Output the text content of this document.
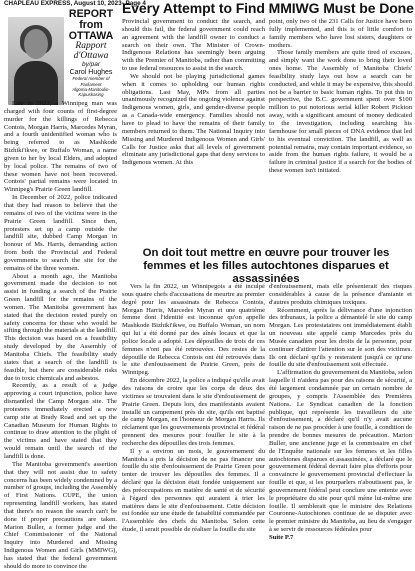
CHAPLEAU EXPRESS, August 10, 2023- Page 4
REPORT
from OTTAWA
Rapport
d'Ottawa
by/par
Carol Hughes
Federal member of Parliament
Algoma-Manitoulin-Kapuskasing

Late in 2022, a Winnipeg man was charged with four counts of first-degree murder for the killings of Rebecca Contois, Morgan Harris, Marcedes Myran, and a fourth unidentified woman who is being referred to as Mashkode Bizhiki'ikwe, or Buffalo Woman, a name given to her by local Elders, and adopted by local police. The remains of two of these women have not been recovered. Contois' partial remains were located in Winnipeg's Prairie Green landfill.

In December of 2022, police indicated that they had reason to believe that the remains of two of the victims were in the Prairie Green landfill. Since then, protesters set up a camp outside the landfill site, dubbed Camp Morgan in honour of Ms. Harris, demanding action from both the Provincial and Federal governments to search the site for the remains of the three women.

About a month ago, the Manitoba government made the decision to not assist in funding a search of the Prairie Green landfill for the remains of the women. The Manitoba government has stated that the decision rested purely on safety concerns for those who would be sifting through the materials at the landfill. This decision was based on a feasibility study developed by the Assembly of Manitoba Chiefs. The feasibility study states that a search of the landfill is feasible, but there are considerable risks due to toxic chemicals and asbestos.

Recently, as a result of a judge approving a court injunction, police have dismantled the Camp Morgan site. The protesters immediately erected a new camp site at Brady Road and set up the Canadian Museum for Human Rights to continue to draw attention to the plight of the victims and have stated that they would remain until the search of the landfill is done.

The Manitoba government's assertion that they will not assist due to safety concerns has been widely condemned by a number of groups, including the Assembly of First Nations. CUPE, the union representing landfill workers, has stated that there's no reason the search can't be done if proper precautions are taken. Marion Buller, a former judge and the Chief Commissioner of the National Inquiry into Murdered and Missing Indigenous Women and Girls (MMIWG), has stated that the federal government should do more to convince the

Every Attempt to Find MMIWG Must be Done

Provincial government to conduct the search, and should this fail, the federal government could reach an agreement with the landfill owner to conduct a search on their own. The Minister of Crown-Indigenous Relations has seemingly been arguing with the Premier of Manitoba, rather than committing to use federal resources to assist in the search.

We should not be playing jurisdictional games when it comes to upholding our human rights obligations. Last May, MPs from all parties unanimously recognized the ongoing violence against Indigenous women, girls, and gender-diverse people as a Canada-wide emergency. Families should not have to plead to have the remains of their family members returned to them. The National Inquiry into Missing and Murdered Indigenous Women and Girls' Calls for Justice asks that all levels of government eliminate any jurisdictional gaps that deny services to Indigenous women. At this

point, only two of the 231 Calls for Justice have been fully implemented, and this is of little comfort to family members who have lost sisters, daughters or mothers.

Those family members are quite tired of excuses, and simply want the work done to bring their loved ones home. The Assembly of Manitoba Chiefs' feasibility study lays out how a search can be conducted, and while it may be expensive, this should not be a barrier to basic human rights. To put this in perspective, the B.C. government spent over $100 million to put notorious serial killer Robert Pickton away, with a significant amount of money dedicated to the investigation, including searching his farmhouse for small pieces of DNA evidence that led to his eventual conviction. The landfill, as well as potential remains, may contain important evidence, so aside from the human rights failure, it would be a failure in criminal justice if a search for the bodies of these women isn't initiated.

On doit tout mettre en œuvre pour trouver les femmes et les filles autochtones disparues et assassinées

Vers la fin 2022, un Winnipegois a été inculpé sous quatre chefs d'accusations de meurtre au premier degré pour les assassinats de Rebecca Contois, Morgan Harris, Marcedes Myran et une quatrième femme dont l'identité est inconnue qu'on appelle Mashkode Bizhiki'ikwe, ou Buffalo Woman, un nom qui lui a été donné par des aînés locaux et que la police locale a adopté. Les dépouilles de trois de ces femmes n'ont pas été retrouvées. Des restes de la dépouille de Rebecca Contois ont été retrouvés dans le site d'enfouissement de Prairie Green, près de Winnipeg.

En décembre 2022, la police a indiqué qu'elle avait des raisons de croire que les corps de deux des victimes se trouvaient dans le site d'enfouissement de Prairie Green. Depuis lors, des manifestants avaient installé un campement près du site, qu'ils ont baptisé de camp Morgan, en l'honneur de Morgan Harris. Ils réclament que les gouvernements provincial et fédéral prennent des mesures pour fouiller le site à la recherche des dépouilles des trois femmes.

Il y a environ un mois, le gouvernement du Manitoba a pris la décision de ne pas financer une fouille du site d'enfouissement de Prairie Green pour tenter de trouver les dépouilles des femmes. Il a déclaré que la décision était fondée uniquement sur des préoccupations en matière de santé et de sécurité à l'égard des personnes qui auraient à trier les matières dans le site d'enfouissement. Cette décision est fondée sur une étude de faisabilité commandée par l'Assemblée des chefs du Manitoba. Selon cette étude, il serait possible de réaliser la fouille du site

d'enfouissement, mais elle présenterait des risques considérables à cause de la présence d'amiante et d'autres produits chimiques toxiques.

Récemment, après la délivrance d'une injonction des tribunaux, la police a démantelé le site du camp Morgan. Les protestataires ont immédiatement établi un nouveau site appelé camp Marcedes près du Musée canadien pour les droits de la personne, pour continuer d'attirer l'attention sur le sort des victimes. Ils ont déclaré qu'ils y resteraient jusqu'à ce qu'une fouille du site d'enfouissement soit effectuée.

L'affirmation du gouvernement du Manitoba, selon laquelle il n'aidera pas pour des raisons de sécurité, a été largement condamnée par un certain nombre de groupes, y compris l'Assemblée des Premières Nations. Le Syndicat canadien de la fonction publique, qui représente les travailleurs du site d'enfouissement, a déclaré qu'il n'y avait aucune raison de ne pas procéder à une fouille, à condition de prendre de bonnes mesures de précaution. Marion Buller, une ancienne juge et la commissaire en chef de l'Enquête nationale sur les femmes et les filles autochtones disparues et assassinées, a déclaré que le gouvernement fédéral devrait faire plus d'efforts pour convaincre le gouvernement provincial d'effectuer la fouille et que, si les pourparlers n'aboutissent pas, le gouvernement fédéral peut conclure une entente avec le propriétaire du site pour qu'il mène lui-même une fouille. Il semblerait que le ministre des Relations Couronne-Autochtones continue de se disputer avec le premier ministre du Manitoba, au lieu de s'engager à se servir de ressources fédérales pour

Suite P.7
